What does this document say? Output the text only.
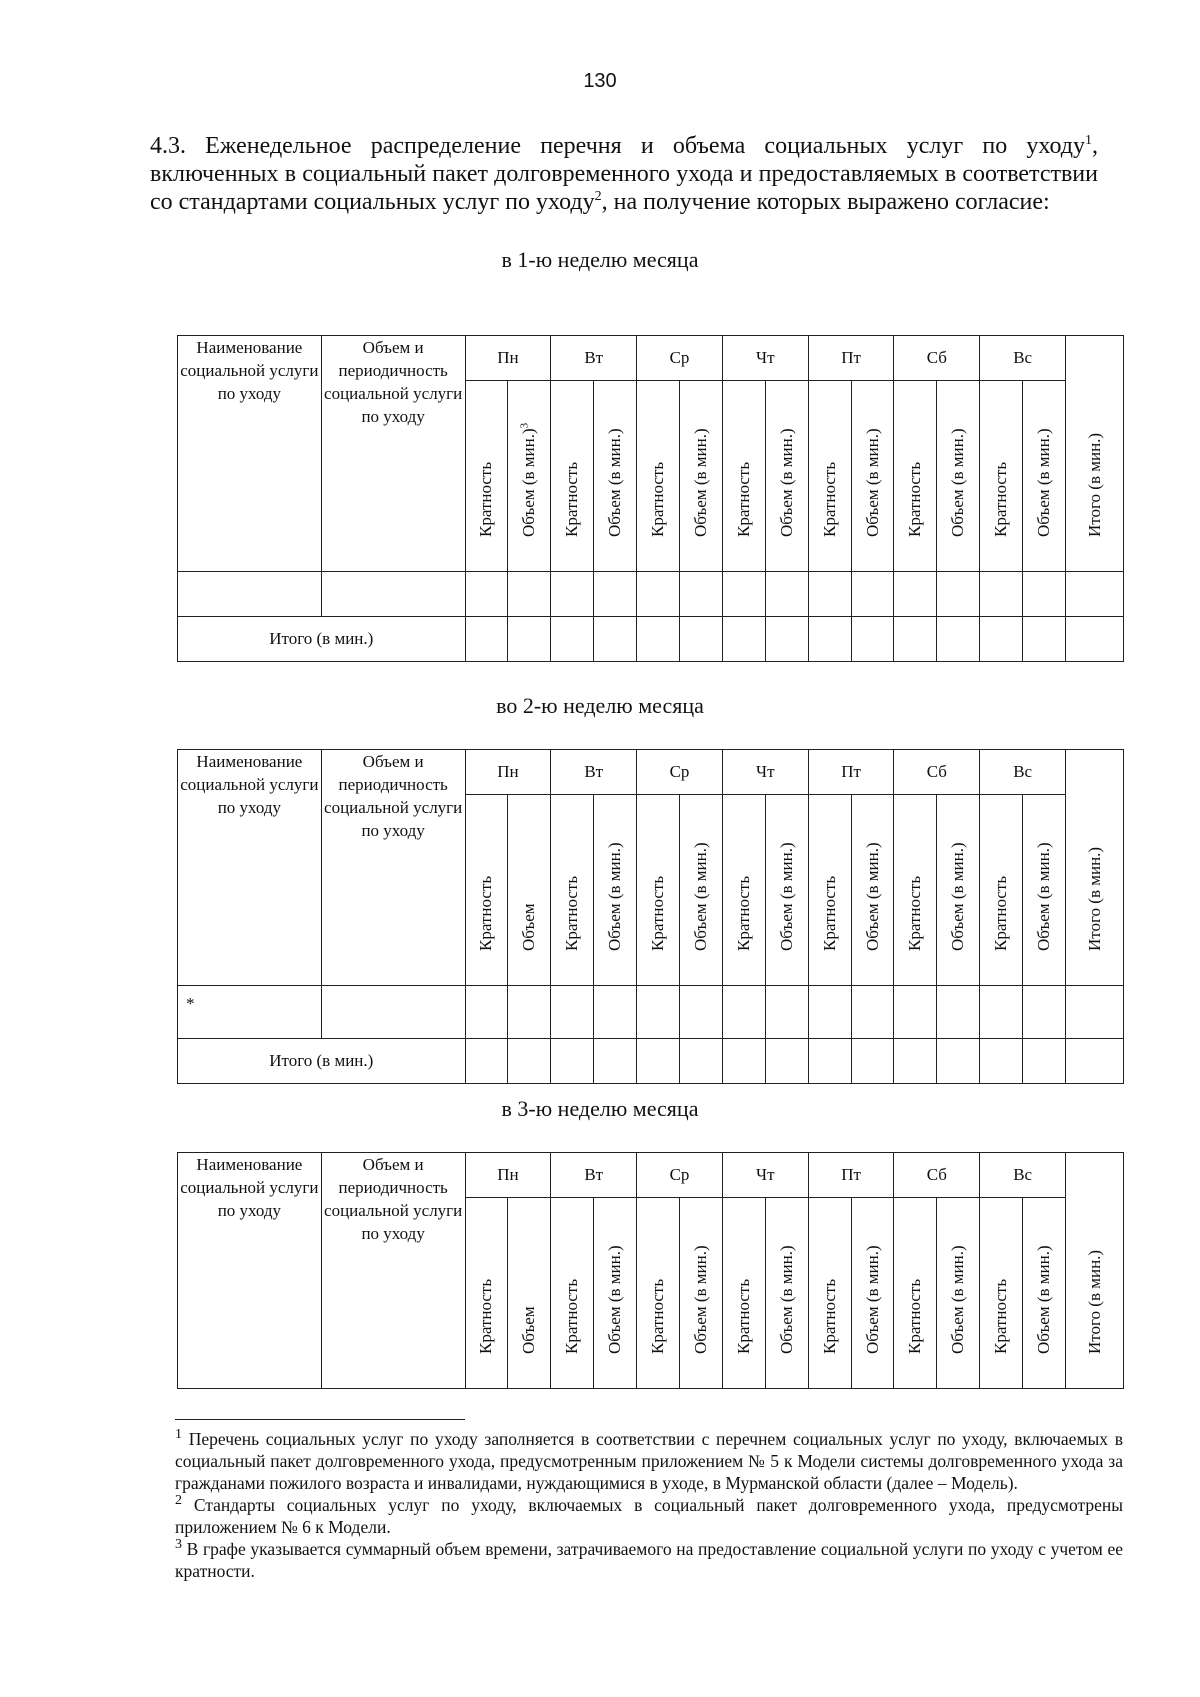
130
4.3. Еженедельное распределение перечня и объема социальных услуг по уходу$^1$, включенных в социальный пакет долговременного ухода и предоставляемых в соответствии со стандартами социальных услуг по уходу$^2$, на получение которых выражено согласие:
в 1-ю неделю месяца
Наименование социальной услуги по уходу	Объем и периодичность социальной услуги по уходу	Пн		Вт		Ср		Чт		Пт		Сб		Вс		Итого (в мин.)

		Кратность	Объем (в мин.)$^3$	Кратность	Объем (в мин.)	Кратность	Объем (в мин.)	Кратность	Объем (в мин.)	Кратность	Объем (в мин.)	Кратность	Объем (в мин.)	Кратность	Объем (в мин.)	

Итого (в мин.)																
во 2-ю неделю месяца
Наименование социальной услуги по уходу	Объем и периодичность социальной услуги по уходу	Пн		Вт		Ср		Чт		Пт		Сб		Вс		Итого (в мин.)

		Кратность	Объем	Кратность	Объем (в мин.)	Кратность	Объем (в мин.)	Кратность	Объем (в мин.)	Кратность	Объем (в мин.)	Кратность	Объем (в мин.)	Кратность	Объем (в мин.)	

*																
Итого (в мин.)																
в 3-ю неделю месяца
Наименование социальной услуги по уходу	Объем и периодичность социальной услуги по уходу	Пн		Вт		Ср		Чт		Пт		Сб		Вс		Итого (в мин.)

		Кратность	Объем	Кратность	Объем (в мин.)	Кратность	Объем (в мин.)	Кратность	Объем (в мин.)	Кратность	Объем (в мин.)	Кратность	Объем (в мин.)	Кратность	Объем (в мин.)	

$^1$ Перечень социальных услуг по уходу заполняется в соответствии с перечнем социальных услуг по уходу, включаемых в социальный пакет долговременного ухода, предусмотренным приложением № 5 к Модели системы долговременного ухода за гражданами пожилого возраста и инвалидами, нуждающимися в уходе, в Мурманской области (далее – Модель).

$^2$ Стандарты социальных услуг по уходу, включаемых в социальный пакет долговременного ухода, предусмотрены приложением № 6 к Модели.

$^3$ В графе указывается суммарный объем времени, затрачиваемого на предоставление социальной услуги по уходу с учетом ее кратности.
